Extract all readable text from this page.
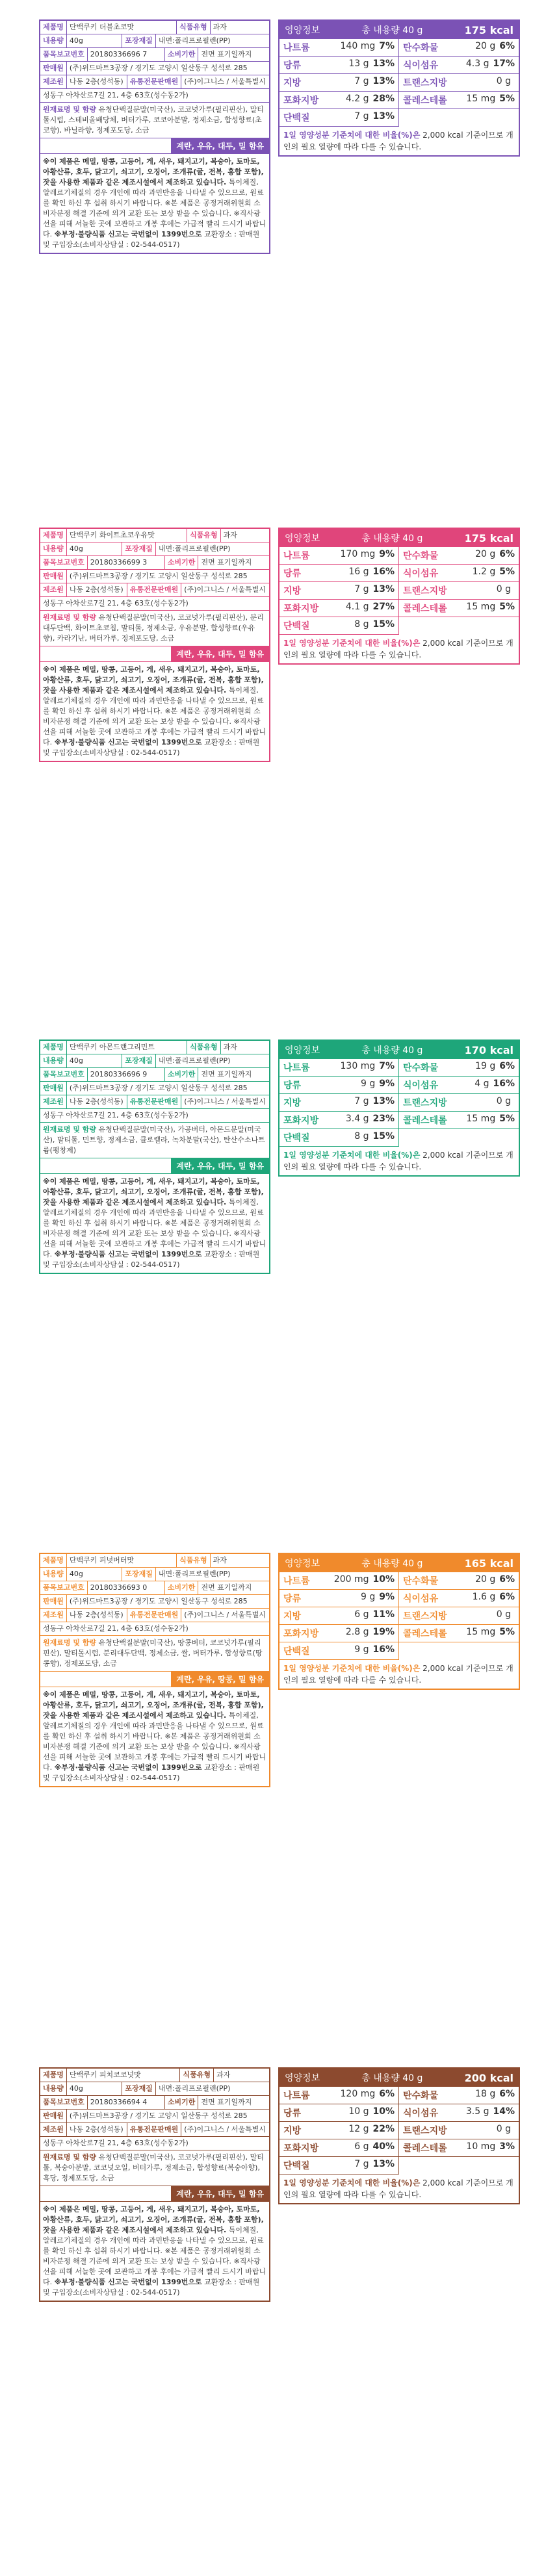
제품명 단백쿠키 더블초코맛	식품유형 과자
내용량 40g	포장재질 내면:폴리프로필렌(PP)
품목보고번호 20180336696 7	소비기한 전면 표기일까지
판매원 (주)위드마트3공장 / 경기도 고양시 일산동구 성석로 285
제조원 나동 2층(성석동) 유통전문판매원 (주)이그니스 / 서울특별시
성동구 아차산로7길 21, 4층 63호(성수동2가)
원재료명 및 함량 유청단백질분말(미국산), 코코넛가루(필리핀산), 말티톨시럽, 스테비올배당체, 버터가루, 코코아분말, 정제소금, 합성향료(초코향), 바닐라향, 정제포도당, 소금
계란, 우유, 대두, 밀 함유
※이 제품은 메밀, 땅콩, 고등어, 게, 새우, 돼지고기, 복숭아, 토마토, 아황산류, 호두, 닭고기, 쇠고기, 오징어, 조개류(굴, 전복, 홍합 포함), 잣을 사용한 제품과 같은 제조시설에서 제조하고 있습니다. 특이체질, 알레르기체질의 경우 개인에 따라 과민반응을 나타낼 수 있으므로, 원료를 확인 하신 후 섭취 하시기 바랍니다. ※본 제품은 공정거래위원회 소비자분쟁 해결 기준에 의거 교환 또는 보상 받을 수 있습니다. ※직사광선을 피해 서늘한 곳에 보관하고 개봉 후에는 가급적 빨리 드시기 바랍니다. ※부정·불량식품 신고는 국번없이 1399번으로 교환장소 : 판매원 및 구입장소(소비자상담실 : 02-544-0517)
영양정보	총 내용량 40 g	175 kcal
나트륨	140 mg 7% 탄수화물	20 g 6%
당류	13 g 13% 식이섬유	4.3 g 17%
지방	7 g 13% 트랜스지방	0 g
포화지방	4.2 g 28% 콜레스테롤 15 mg 5%
단백질	7 g 13%
1일 영양성분 기준치에 대한 비율(%)은 2,000 kcal 기준이므로 개인의 필요 열량에 따라 다를 수 있습니다.
제품명 단백쿠키 화이트초코우유맛	식품유형 과자
내용량 40g	포장재질 내면:폴리프로필렌(PP)
품목보고번호 20180336699 3	소비기한 전면 표기일까지
판매원 (주)위드마트3공장 / 경기도 고양시 일산동구 성석로 285
제조원 나동 2층(성석동) 유통전문판매원 (주)이그니스 / 서울특별시
성동구 아차산로7길 21, 4층 63호(성수동2가)
원재료명 및 함량 유청단백질분말(미국산), 코코넛가루(필리핀산), 분리대두단백, 화이트초코칩, 말티톨, 정제소금, 우유분말, 합성향료(우유향), 카라기난, 버터가루, 정제포도당, 소금
계란, 우유, 대두, 밀 함유
※이 제품은 메밀, 땅콩, 고등어, 게, 새우, 돼지고기, 복숭아, 토마토, 아황산류, 호두, 닭고기, 쇠고기, 오징어, 조개류(굴, 전복, 홍합 포함), 잣을 사용한 제품과 같은 제조시설에서 제조하고 있습니다. 특이체질, 알레르기체질의 경우 개인에 따라 과민반응을 나타낼 수 있으므로, 원료를 확인 하신 후 섭취 하시기 바랍니다. ※본 제품은 공정거래위원회 소비자분쟁 해결 기준에 의거 교환 또는 보상 받을 수 있습니다. ※직사광선을 피해 서늘한 곳에 보관하고 개봉 후에는 가급적 빨리 드시기 바랍니다. ※부정·불량식품 신고는 국번없이 1399번으로 교환장소 : 판매원 및 구입장소(소비자상담실 : 02-544-0517)
영양정보	총 내용량 40 g	175 kcal
나트륨	170 mg 9% 탄수화물	20 g 6%
당류	16 g 16% 식이섬유	1.2 g 5%
지방	7 g 13% 트랜스지방	0 g
포화지방	4.1 g 27% 콜레스테롤 15 mg 5%
단백질	8 g 15%
1일 영양성분 기준치에 대한 비율(%)은 2,000 kcal 기준이므로 개인의 필요 열량에 따라 다를 수 있습니다.
제품명 단백쿠키 아몬드랜그리민트	식품유형 과자
내용량 40g	포장재질 내면:폴리프로필렌(PP)
품목보고번호 20180336696 9	소비기한 전면 표기일까지
판매원 (주)위드마트3공장 / 경기도 고양시 일산동구 성석로 285
제조원 나동 2층(성석동) 유통전문판매원 (주)이그니스 / 서울특별시
성동구 아차산로7길 21, 4층 63호(성수동2가)
원재료명 및 함량 유청단백질분말(미국산), 가공버터, 아몬드분말(미국산), 말티톨, 민트향, 정제소금, 클로렐라, 녹차분말(국산), 탄산수소나트륨(팽창제)
계란, 우유, 대두, 밀 함유
※이 제품은 메밀, 땅콩, 고등어, 게, 새우, 돼지고기, 복숭아, 토마토, 아황산류, 호두, 닭고기, 쇠고기, 오징어, 조개류(굴, 전복, 홍합 포함), 잣을 사용한 제품과 같은 제조시설에서 제조하고 있습니다. 특이체질, 알레르기체질의 경우 개인에 따라 과민반응을 나타낼 수 있으므로, 원료를 확인 하신 후 섭취 하시기 바랍니다. ※본 제품은 공정거래위원회 소비자분쟁 해결 기준에 의거 교환 또는 보상 받을 수 있습니다. ※직사광선을 피해 서늘한 곳에 보관하고 개봉 후에는 가급적 빨리 드시기 바랍니다. ※부정·불량식품 신고는 국번없이 1399번으로 교환장소 : 판매원 및 구입장소(소비자상담실 : 02-544-0517)
영양정보	총 내용량 40 g	170 kcal
나트륨	130 mg 7% 탄수화물	19 g 6%
당류	9 g 9% 식이섬유	4 g 16%
지방	7 g 13% 트랜스지방	0 g
포화지방	3.4 g 23% 콜레스테롤 15 mg 5%
단백질	8 g 15%
1일 영양성분 기준치에 대한 비율(%)은 2,000 kcal 기준이므로 개인의 필요 열량에 따라 다를 수 있습니다.
제품명 단백쿠키 피넛버터맛	식품유형 과자
내용량 40g	포장재질 내면:폴리프로필렌(PP)
품목보고번호 20180336693 0	소비기한 전면 표기일까지
판매원 (주)위드마트3공장 / 경기도 고양시 일산동구 성석로 285
제조원 나동 2층(성석동) 유통전문판매원 (주)이그니스 / 서울특별시
성동구 아차산로7길 21, 4층 63호(성수동2가)
원재료명 및 함량 유청단백질분말(미국산), 땅콩버터, 코코넛가루(필리핀산), 말티톨시럽, 분리대두단백, 정제소금, 쌀, 버터가루, 합성향료(땅콩향), 정제포도당, 소금
계란, 우유, 땅콩, 밀 함유
※이 제품은 메밀, 땅콩, 고등어, 게, 새우, 돼지고기, 복숭아, 토마토, 아황산류, 호두, 닭고기, 쇠고기, 오징어, 조개류(굴, 전복, 홍합 포함), 잣을 사용한 제품과 같은 제조시설에서 제조하고 있습니다. 특이체질, 알레르기체질의 경우 개인에 따라 과민반응을 나타낼 수 있으므로, 원료를 확인 하신 후 섭취 하시기 바랍니다. ※본 제품은 공정거래위원회 소비자분쟁 해결 기준에 의거 교환 또는 보상 받을 수 있습니다. ※직사광선을 피해 서늘한 곳에 보관하고 개봉 후에는 가급적 빨리 드시기 바랍니다. ※부정·불량식품 신고는 국번없이 1399번으로 교환장소 : 판매원 및 구입장소(소비자상담실 : 02-544-0517)
영양정보	총 내용량 40 g	165 kcal
나트륨	200 mg 10% 탄수화물	20 g 6%
당류	9 g 9% 식이섬유	1.6 g 6%
지방	6 g 11% 트랜스지방	0 g
포화지방	2.8 g 19% 콜레스테롤 15 mg 5%
단백질	9 g 16%
1일 영양성분 기준치에 대한 비율(%)은 2,000 kcal 기준이므로 개인의 필요 열량에 따라 다를 수 있습니다.
제품명 단백쿠키 피치코코넛맛	식품유형 과자
내용량 40g	포장재질 내면:폴리프로필렌(PP)
품목보고번호 20180336694 4	소비기한 전면 표기일까지
판매원 (주)위드마트3공장 / 경기도 고양시 일산동구 성석로 285
제조원 나동 2층(성석동) 유통전문판매원 (주)이그니스 / 서울특별시
성동구 아차산로7길 21, 4층 63호(성수동2가)
원재료명 및 함량 유청단백질분말(미국산), 코코넛가루(필리핀산), 말티톨, 복숭아분말, 코코넛오일, 버터가루, 정제소금, 합성향료(복숭아향), 흑당, 정제포도당, 소금
계란, 우유, 대두, 밀 함유
※이 제품은 메밀, 땅콩, 고등어, 게, 새우, 돼지고기, 복숭아, 토마토, 아황산류, 호두, 닭고기, 쇠고기, 오징어, 조개류(굴, 전복, 홍합 포함), 잣을 사용한 제품과 같은 제조시설에서 제조하고 있습니다. 특이체질, 알레르기체질의 경우 개인에 따라 과민반응을 나타낼 수 있으므로, 원료를 확인 하신 후 섭취 하시기 바랍니다. ※본 제품은 공정거래위원회 소비자분쟁 해결 기준에 의거 교환 또는 보상 받을 수 있습니다. ※직사광선을 피해 서늘한 곳에 보관하고 개봉 후에는 가급적 빨리 드시기 바랍니다. ※부정·불량식품 신고는 국번없이 1399번으로 교환장소 : 판매원 및 구입장소(소비자상담실 : 02-544-0517)
영양정보	총 내용량 40 g	200 kcal
나트륨	120 mg 6% 탄수화물	18 g 6%
당류	10 g 10% 식이섬유	3.5 g 14%
지방	12 g 22% 트랜스지방	0 g
포화지방	6 g 40% 콜레스테롤 10 mg 3%
단백질	7 g 13%
1일 영양성분 기준치에 대한 비율(%)은 2,000 kcal 기준이므로 개인의 필요 열량에 따라 다를 수 있습니다.
